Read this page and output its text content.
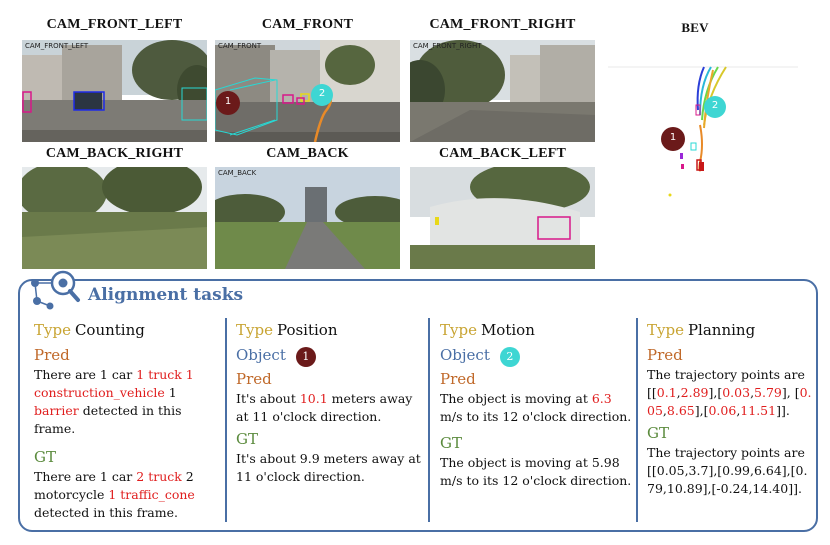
CAM_FRONT_LEFT	CAM_FRONT	CAM_FRONT_RIGHT	BEV
CAM_FRONT_LEFT	CAM_FRONT
1
2
CAM_FRONT_RIGHT
1
2
CAM_BACK_RIGHT	CAM_BACK	CAM_BACK_LEFT
CAM_BACK
Alignment tasks
Type Counting
Pred
There are 1 car 1 truck 1 construction_vehicle 1 barrier detected in this frame.
GT
There are 1 car 2 truck 2 motorcycle 1 traffic_cone detected in this frame.
Type Position
Object 1
Pred
It's about 10.1 meters away at 11 o'clock direction.
GT
It's about 9.9 meters away at 11 o'clock direction.
Type Motion
Object 2
Pred
The object is moving at 6.3 m/s to its 12 o'clock direction.
GT
The object is moving at 5.98 m/s to its 12 o'clock direction.
Type Planning
Pred
The trajectory points are [[0.1,2.89],[0.03,5.79], [0.05,8.65],[0.06,11.51]].
GT
The trajectory points are [[0.05,3.7],[0.99,6.64],[0.79,10.89],[-0.24,14.40]].
